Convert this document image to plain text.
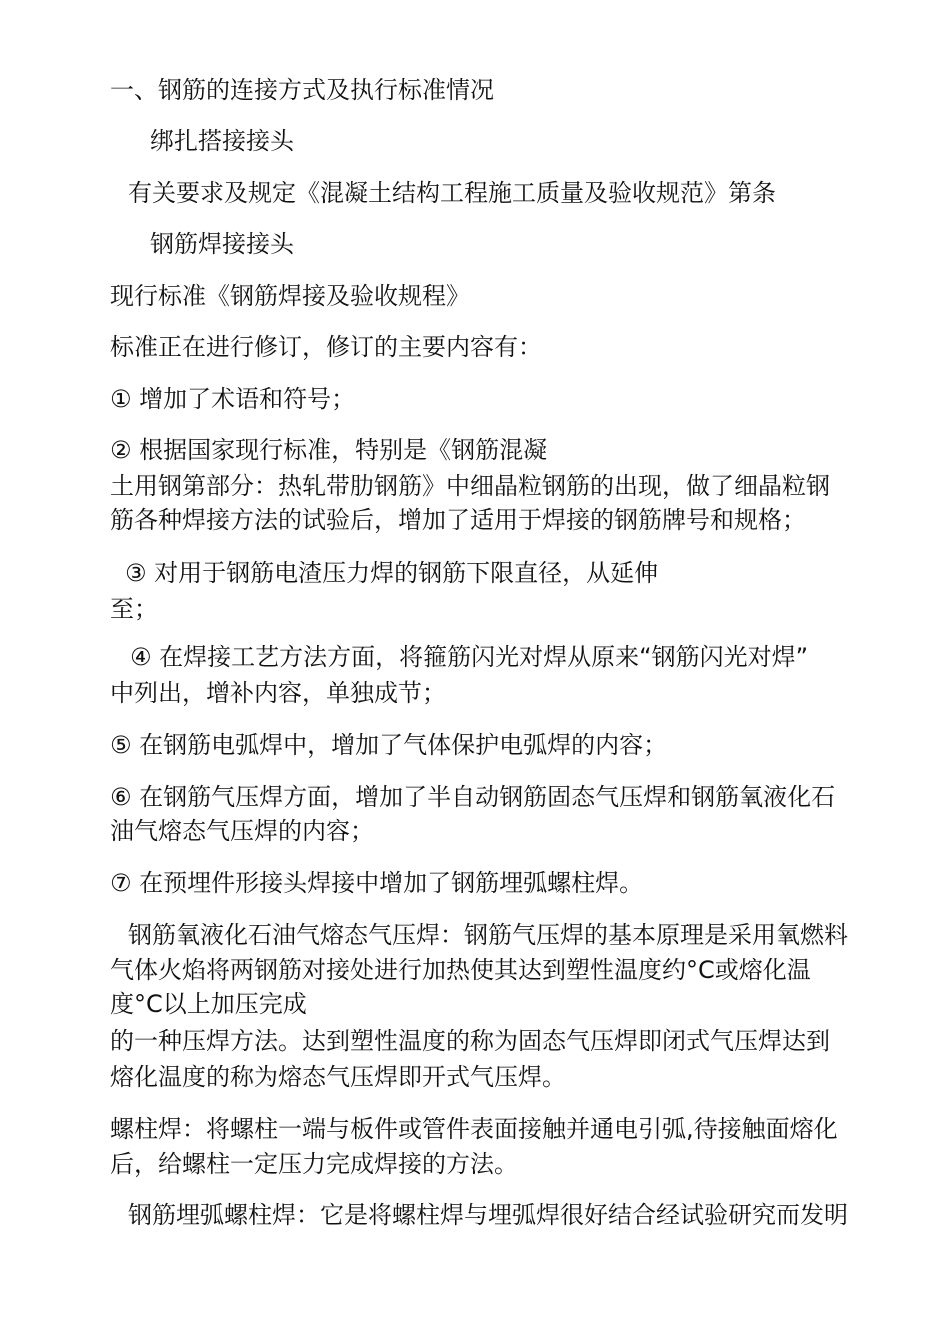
一、钢筋的连接方式及执行标准情况
绑扎搭接接头
有关要求及规定《混凝土结构工程施工质量及验收规范》第条
钢筋焊接接头
现行标准《钢筋焊接及验收规程》
标准正在进行修订，修订的主要内容有：
① 增加了术语和符号；
② 根据国家现行标准，特别是《钢筋混凝
土用钢第部分：热轧带肋钢筋》中细晶粒钢筋的出现，做了细晶粒钢
筋各种焊接方法的试验后，增加了适用于焊接的钢筋牌号和规格；
③ 对用于钢筋电渣压力焊的钢筋下限直径，从延伸
至；
④ 在焊接工艺方法方面，将箍筋闪光对焊从原来“钢筋闪光对焊”
中列出，增补内容，单独成节；
⑤ 在钢筋电弧焊中，增加了气体保护电弧焊的内容；
⑥ 在钢筋气压焊方面，增加了半自动钢筋固态气压焊和钢筋氧液化石
油气熔态气压焊的内容；
⑦ 在预埋件形接头焊接中增加了钢筋埋弧螺柱焊。
钢筋氧液化石油气熔态气压焊：钢筋气压焊的基本原理是采用氧燃料
气体火焰将两钢筋对接处进行加热使其达到塑性温度约°C或熔化温
度°C以上加压完成
的一种压焊方法。达到塑性温度的称为固态气压焊即闭式气压焊达到
熔化温度的称为熔态气压焊即开式气压焊。
螺柱焊：将螺柱一端与板件或管件表面接触并通电引弧,待接触面熔化
后，给螺柱一定压力完成焊接的方法。
钢筋埋弧螺柱焊：它是将螺柱焊与埋弧焊很好结合经试验研究而发明
